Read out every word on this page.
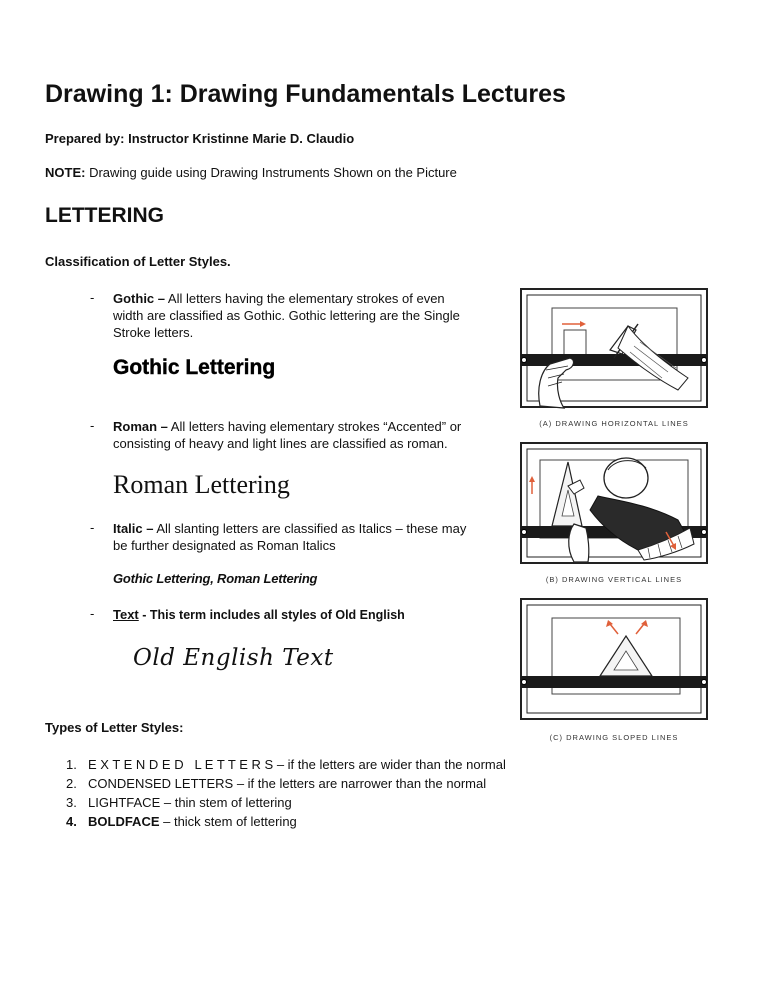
Drawing 1: Drawing Fundamentals Lectures
Prepared by: Instructor Kristinne Marie D. Claudio
NOTE: Drawing guide using Drawing Instruments Shown on the Picture
LETTERING
Classification of Letter Styles.
- Gothic – All letters having the elementary strokes of even
width are classified as Gothic. Gothic lettering are the Single
Stroke letters.
Gothic Lettering
- Roman – All letters having elementary strokes “Accented” or
consisting of heavy and light lines are classified as roman.
Roman Lettering
- Italic – All slanting letters are classified as Italics – these may
be further designated as Roman Italics
Gothic Lettering, Roman Lettering
- Text - This term includes all styles of Old English
Old English Text
Types of Letter Styles:
1. E X T E N D E D   L E T T E R S – if the letters are wider than the normal
2. CONDENSED LETTERS – if the letters are narrower than the normal
3. LIGHTFACE – thin stem of lettering
4. BOLDFACE – thick stem of lettering
(A) DRAWING HORIZONTAL LINES
(B) DRAWING VERTICAL LINES
(C) DRAWING SLOPED LINES
